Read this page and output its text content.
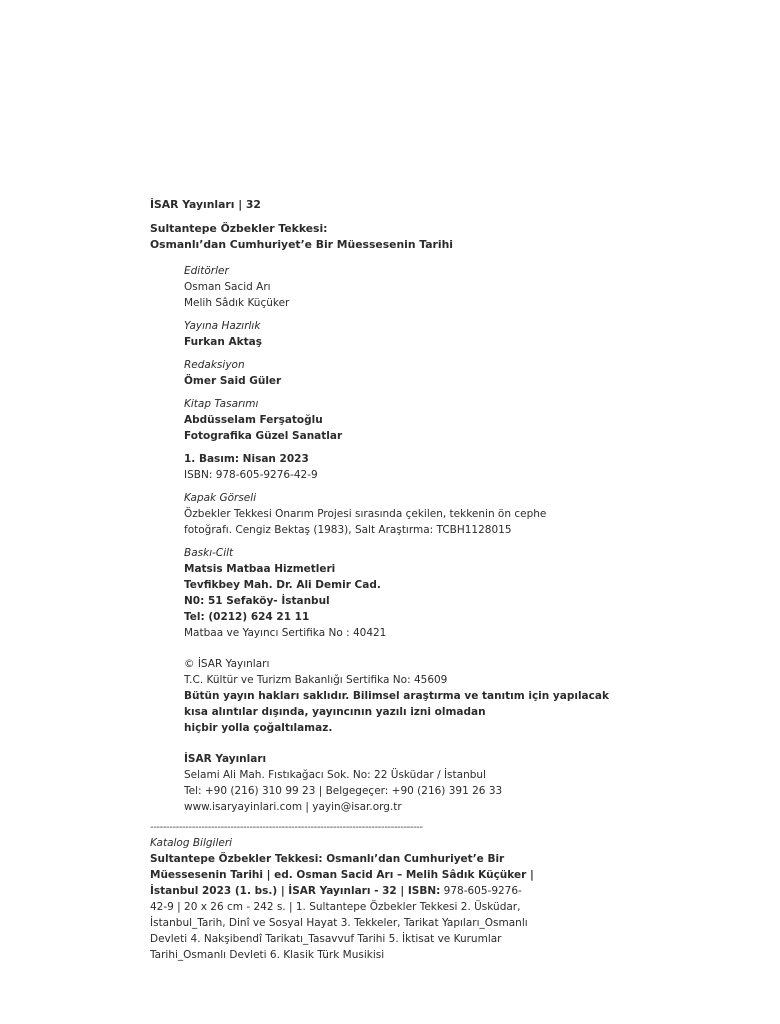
İSAR Yayınları | 32
Sultantepe Özbekler Tekkesi:
Osmanlı’dan Cumhuriyet’e Bir Müessesenin Tarihi
Editörler
Osman Sacid Arı
Melih Sâdık Küçüker
Yayına Hazırlık
Furkan Aktaş
Redaksiyon
Ömer Said Güler
Kitap Tasarımı
Abdüsselam Ferşatoğlu
Fotografika Güzel Sanatlar
1. Basım: Nisan 2023
ISBN: 978-605-9276-42-9
Kapak Görseli
Özbekler Tekkesi Onarım Projesi sırasında çekilen, tekkenin ön cephe
fotoğrafı. Cengiz Bektaş (1983), Salt Araştırma: TCBH1128015
Baskı-Cilt
Matsis Matbaa Hizmetleri
Tevfikbey Mah. Dr. Ali Demir Cad.
N0: 51 Sefaköy- İstanbul
Tel: (0212) 624 21 11
Matbaa ve Yayıncı Sertifika No : 40421
© İSAR Yayınları
T.C. Kültür ve Turizm Bakanlığı Sertifika No: 45609
Bütün yayın hakları saklıdır. Bilimsel araştırma ve tanıtım için yapılacak
kısa alıntılar dışında, yayıncının yazılı izni olmadan
hiçbir yolla çoğaltılamaz.
İSAR Yayınları
Selami Ali Mah. Fıstıkağacı Sok. No: 22 Üsküdar / İstanbul
Tel: +90 (216) 310 99 23 | Belgegeçer: +90 (216) 391 26 33
www.isaryayinlari.com | yayin@isar.org.tr
-------------------------------------------------------------------------------------
Katalog Bilgileri
Sultantepe Özbekler Tekkesi: Osmanlı’dan Cumhuriyet’e Bir Müessesenin Tarihi | ed. Osman Sacid Arı – Melih Sâdık Küçüker | İstanbul 2023 (1. bs.) | İSAR Yayınları - 32 | ISBN: 978-605-9276-42-9 | 20 x 26 cm - 242 s. | 1. Sultantepe Özbekler Tekkesi 2. Üsküdar, İstanbul_Tarih, Dinî ve Sosyal Hayat 3. Tekkeler, Tarikat Yapıları_Osmanlı Devleti 4. Nakşibendî Tarikatı_Tasavvuf Tarihi 5. İktisat ve Kurumlar Tarihi_Osmanlı Devleti 6. Klasik Türk Musikisi
